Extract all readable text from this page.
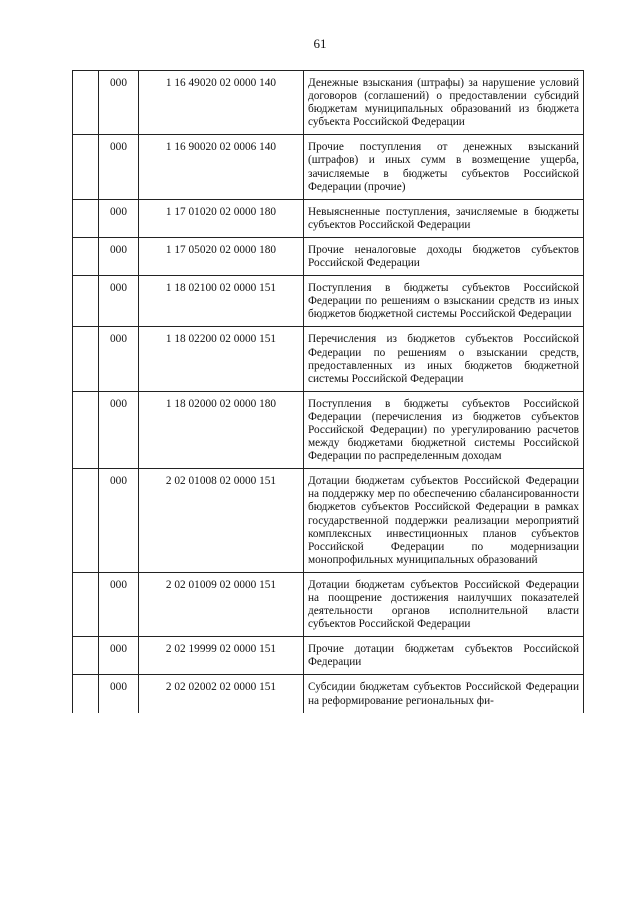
61
	000	1 16 49020 02 0000 140	Денежные взыскания (штрафы) за нарушение условий договоров (соглашений) о предоставлении субсидий бюджетам муниципальных образований из бюджета субъекта Российской Федерации
	000	1 16 90020 02 0006 140	Прочие поступления от денежных взысканий (штрафов) и иных сумм в возмещение ущерба, зачисляемые в бюджеты субъектов Российской Федерации (прочие)
	000	1 17 01020 02 0000 180	Невыясненные поступления, зачисляемые в бюджеты субъектов Российской Федерации
	000	1 17 05020 02 0000 180	Прочие неналоговые доходы бюджетов субъектов Российской Федерации
	000	1 18 02100 02 0000 151	Поступления в бюджеты субъектов Российской Федерации по решениям о взыскании средств из иных бюджетов бюджетной системы Российской Федерации
	000	1 18 02200 02 0000 151	Перечисления из бюджетов субъектов Российской Федерации по решениям о взыскании средств, предоставленных из иных бюджетов бюджетной системы Российской Федерации
	000	1 18 02000 02 0000 180	Поступления в бюджеты субъектов Российской Федерации (перечисления из бюджетов субъектов Российской Федерации) по урегулированию расчетов между бюджетами бюджетной системы Российской Федерации по распределенным доходам
	000	2 02 01008 02 0000 151	Дотации бюджетам субъектов Российской Федерации на поддержку мер по обеспечению сбалансированности бюджетов субъектов Российской Федерации в рамках государственной поддержки реализации мероприятий комплексных инвестиционных планов субъектов Российской Федерации по модернизации монопрофильных муниципальных образований
	000	2 02 01009 02 0000 151	Дотации бюджетам субъектов Российской Федерации на поощрение достижения наилучших показателей деятельности органов исполнительной власти субъектов Российской Федерации
	000	2 02 19999 02 0000 151	Прочие дотации бюджетам субъектов Российской Федерации
	000	2 02 02002 02 0000 151	Субсидии бюджетам субъектов Российской Федерации на реформирование региональных фи-
